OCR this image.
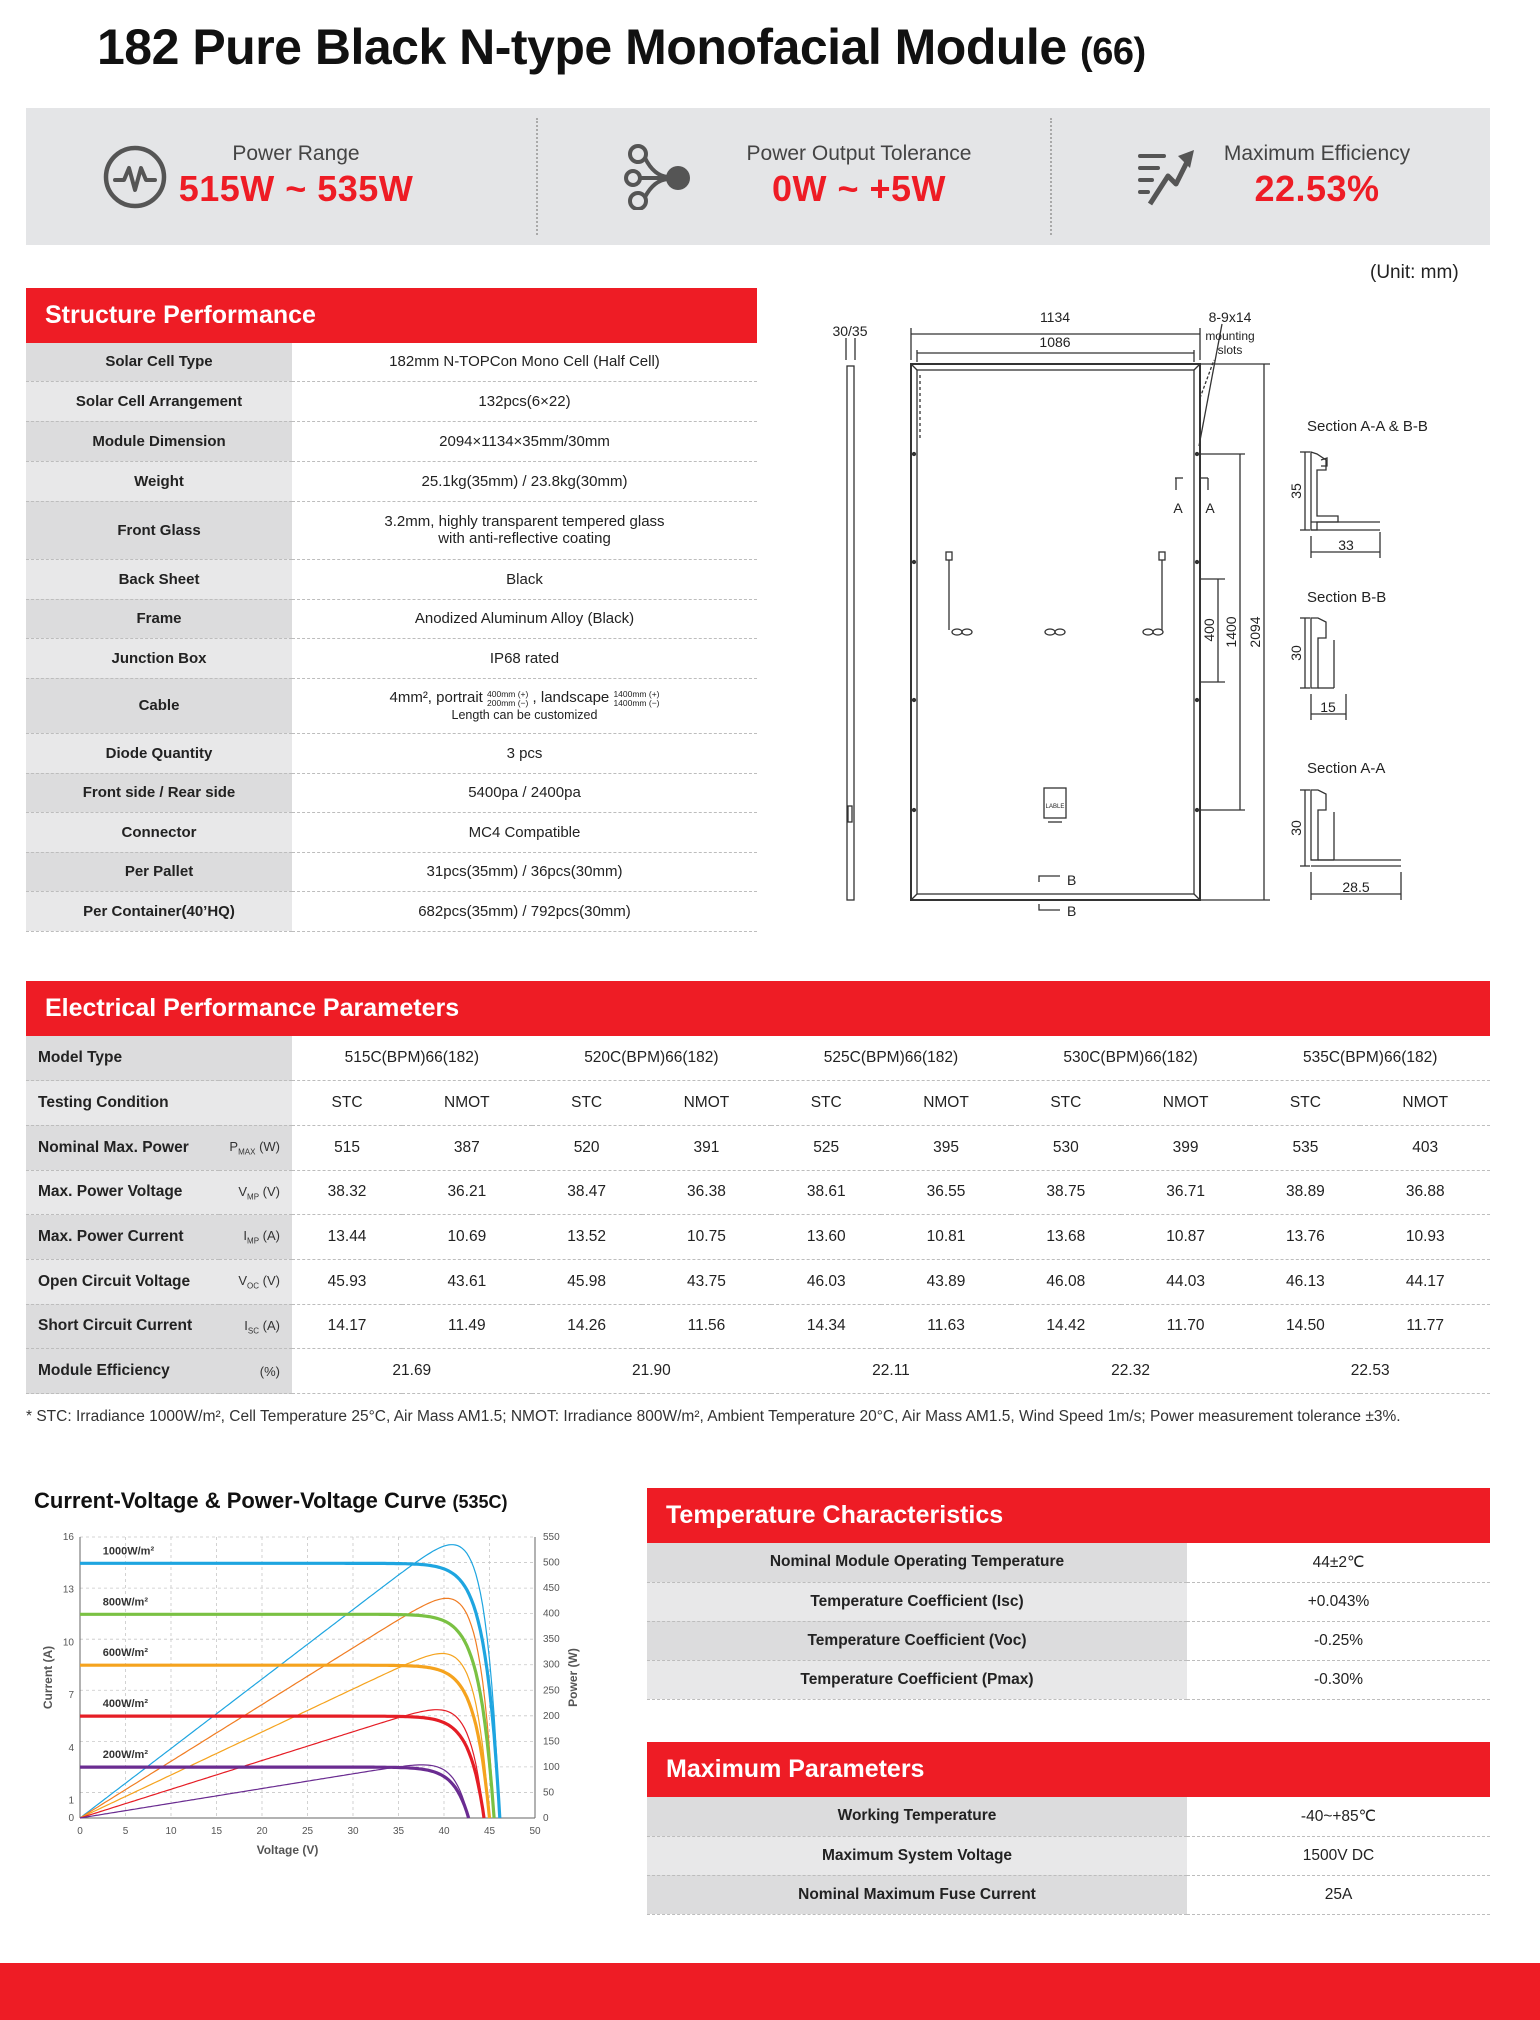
182 Pure Black N-type Monofacial Module (66)
Power Range
515W ~ 535W
Power Output Tolerance
0W ~ +5W
Maximum Efficiency
22.53%
Structure Performance
Solar Cell Type	182mm N-TOPCon Mono Cell (Half Cell)
Solar Cell Arrangement	132pcs(6×22)
Module Dimension	2094×1134×35mm/30mm
Weight	25.1kg(35mm) / 23.8kg(30mm)
Front Glass	3.2mm, highly transparent tempered glass
with anti-reflective coating

Back Sheet	Black
Frame	Anodized Aluminum Alloy (Black)
Junction Box	IP68 rated
Cable	4mm², portrait 400mm (+)
200mm (−) , landscape 1400mm (+)
1400mm (−)
Length can be customized

Diode Quantity	3 pcs
Front side / Rear side	5400pa / 2400pa
Connector	MC4 Compatible
Per Pallet	31pcs(35mm) / 36pcs(30mm)
Per Container(40’HQ)	682pcs(35mm) / 792pcs(30mm)
(Unit: mm)
30/35
1134
1086
8-9x14
mounting
slots
A A
B
B
LABLE
400 1400 2094
Section A-A & B-B
35
33
Section B-B
30
15
Section A-A
30
28.5
Electrical Performance Parameters
Model Type		515C(BPM)66(182)		520C(BPM)66(182)		525C(BPM)66(182)		530C(BPM)66(182)		535C(BPM)66(182)	
Testing Condition		STC	NMOT	STC	NMOT	STC	NMOT	STC	NMOT	STC	NMOT
Nominal Max. Power	$P_{MAX}$ (W)	515	387	520	391	525	395	530	399	535	403
Max. Power Voltage	$V_{MP}$ (V)	38.32	36.21	38.47	36.38	38.61	36.55	38.75	36.71	38.89	36.88
Max. Power Current	$I_{MP}$ (A)	13.44	10.69	13.52	10.75	13.60	10.81	13.68	10.87	13.76	10.93
Open Circuit Voltage	$V_{OC}$ (V)	45.93	43.61	45.98	43.75	46.03	43.89	46.08	44.03	46.13	44.17
Short Circuit Current	$I_{SC}$ (A)	14.17	11.49	14.26	11.56	14.34	11.63	14.42	11.70	14.50	11.77
Module Efficiency	(%)	21.69		21.90		22.11		22.32		22.53	
* STC: Irradiance 1000W/m², Cell Temperature 25°C, Air Mass AM1.5; NMOT: Irradiance 800W/m², Ambient Temperature 20°C, Air Mass AM1.5, Wind Speed 1m/s; Power measurement tolerance ±3%.
Current-Voltage & Power-Voltage Curve (535C)
0	5	10	15	20	25	30	35	40	45	50
0
1
4
7
10
13
16
0
50
100
150
200
250
300
350
400
450
500
550
Voltage (V)
Current (A)	Power (W)
1000W/m²
800W/m²
600W/m²
400W/m²
200W/m²
Temperature Characteristics
Nominal Module Operating Temperature	44±2℃
Temperature Coefficient (Isc)	+0.043%
Temperature Coefficient (Voc)	-0.25%
Temperature Coefficient (Pmax)	-0.30%
Maximum Parameters
Working Temperature	-40~+85℃
Maximum System Voltage	1500V DC
Nominal Maximum Fuse Current	25A
